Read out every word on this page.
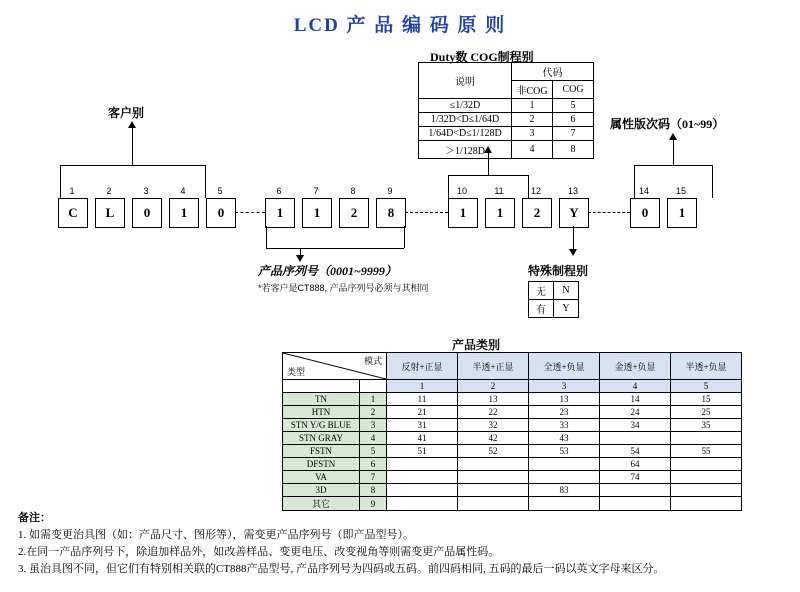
LCD 产 品 编 码 原 则
Duty数 COG制程别
说明	代码	
	非COG	COG
≤1/32D	1	5
1/32D<D≤1/64D	2	6
1/64D<D≤1/128D	3	7
＞1/128D	4	8
客户别
属性版次码（01~99）
1	2	3	4	5	6	7	8	9	10	11	12	13	14	15
C	L	0	1	0	1	1	2	8	1	1	2	Y	0	1
产品序列号（0001~9999）
*若客户是CT888, 产品序列号必须与其相同
特殊制程别
无	N
有	Y
产品类别
模式
类型		反射+正显	半透+正显	全透+负显	金透+负显	半透+负显
		1	2	3	4	5
TN	1	11	13	13	14	15
HTN	2	21	22	23	24	25
STN Y/G BLUE	3	31	32	33	34	35
STN GRAY	4	41	42	43		
FSTN	5	51	52	53	54	55
DFSTN	6				64	
VA	7				74	
3D	8			83		
其它	9					
备注：
1. 如需变更治具图（如：产品尺寸、图形等），需变更产品序列号（即产品型号）。
2.在同一产品序列号下，除追加样品外，如改善样品、变更电压、改变视角等则需变更产品属性码。
3. 虽治具图不同，但它们有特别相关联的CT888产品型号, 产品序列号为四码或五码。前四码相同, 五码的最后一码以英文字母来区分。
